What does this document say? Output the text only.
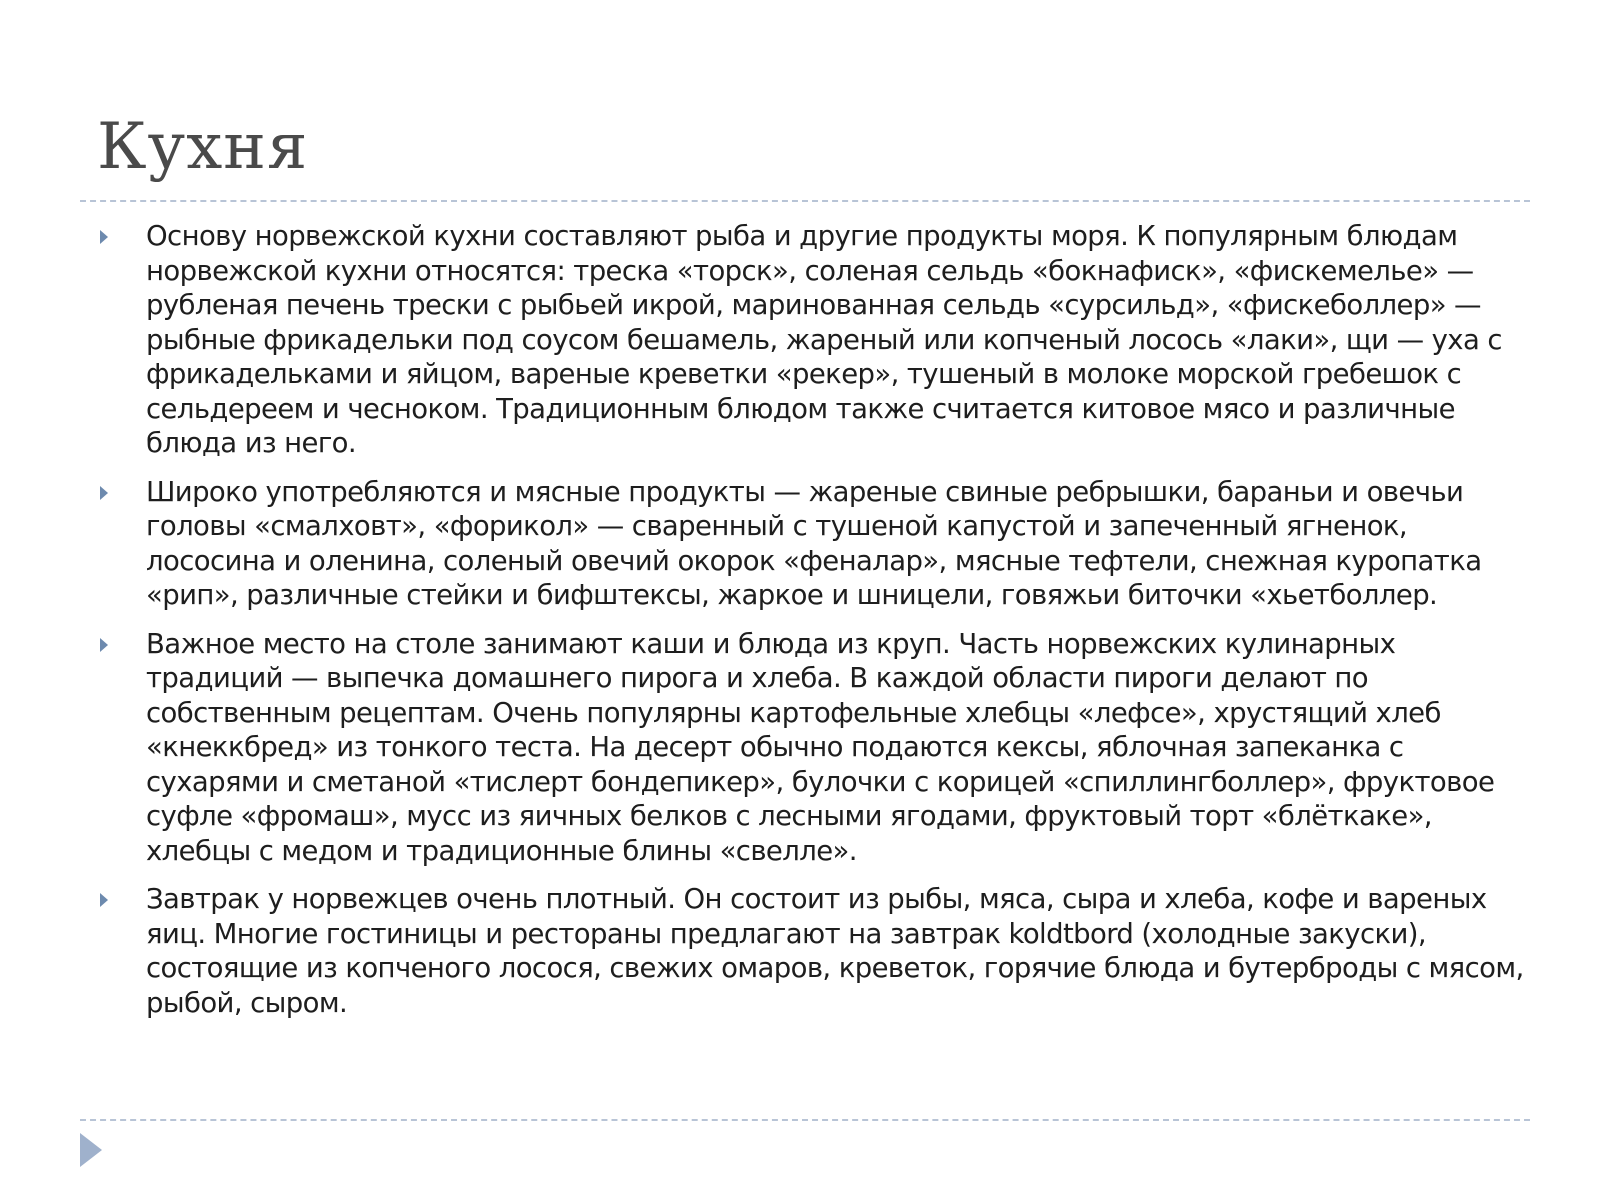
Кухня

Основу норвежской кухни составляют рыба и другие продукты моря. К популярным блюдам норвежской кухни относятся: треска «торск», соленая сельдь «бокнафиск», «фискемелье» — рубленая печень трески с рыбьей икрой, маринованная сельдь «сурсильд», «фискеболлер» — рыбные фрикадельки под соусом бешамель, жареный или копченый лосось «лаки», щи — уха с фрикадельками и яйцом, вареные креветки «рекер», тушеный в молоке морской гребешок с сельдереем и чесноком. Традиционным блюдом также считается китовое мясо и различные блюда из него.

Широко употребляются и мясные продукты — жареные свиные ребрышки, бараньи и овечьи головы «смалховт», «форикол» — сваренный с тушеной капустой и запеченный ягненок, лососина и оленина, соленый овечий окорок «феналар», мясные тефтели, снежная куропатка «рип», различные стейки и бифштексы, жаркое и шницели, говяжьи биточки «хьетболлер.

Важное место на столе занимают каши и блюда из круп. Часть норвежских кулинарных традиций — выпечка домашнего пирога и хлеба. В каждой области пироги делают по собственным рецептам. Очень популярны картофельные хлебцы «лефсе», хрустящий хлеб «кнеккбред» из тонкого теста. На десерт обычно подаются кексы, яблочная запеканка с сухарями и сметаной «тислерт бондепикер», булочки с корицей «спиллингболлер», фруктовое суфле «фромаш», мусс из яичных белков с лесными ягодами, фруктовый торт «блёткаке», хлебцы с медом и традиционные блины «свелле».

Завтрак у норвежцев очень плотный. Он состоит из рыбы, мяса, сыра и хлеба, кофе и вареных яиц. Многие гостиницы и рестораны предлагают на завтрак koldtbord (холодные закуски), состоящие из копченого лосося, свежих омаров, креветок, горячие блюда и бутерброды с мясом, рыбой, сыром.
